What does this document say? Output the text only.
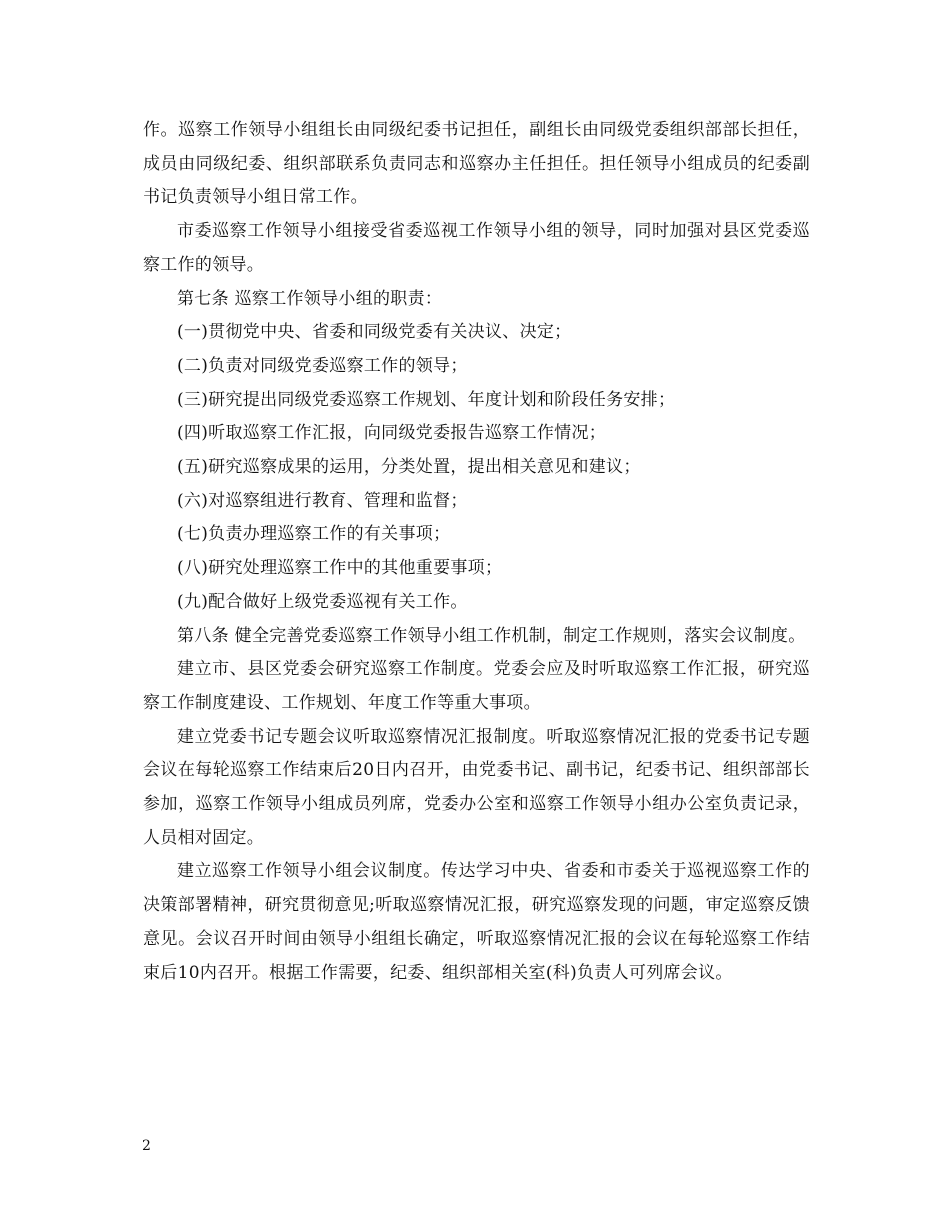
作。巡察工作领导小组组长由同级纪委书记担任，副组长由同级党委组织部部长担任，成员由同级纪委、组织部联系负责同志和巡察办主任担任。担任领导小组成员的纪委副书记负责领导小组日常工作。

市委巡察工作领导小组接受省委巡视工作领导小组的领导，同时加强对县区党委巡察工作的领导。

第七条 巡察工作领导小组的职责：

(一)贯彻党中央、省委和同级党委有关决议、决定；

(二)负责对同级党委巡察工作的领导；

(三)研究提出同级党委巡察工作规划、年度计划和阶段任务安排；

(四)听取巡察工作汇报，向同级党委报告巡察工作情况；

(五)研究巡察成果的运用，分类处置，提出相关意见和建议；

(六)对巡察组进行教育、管理和监督；

(七)负责办理巡察工作的有关事项；

(八)研究处理巡察工作中的其他重要事项；

(九)配合做好上级党委巡视有关工作。

第八条 健全完善党委巡察工作领导小组工作机制，制定工作规则，落实会议制度。

建立市、县区党委会研究巡察工作制度。党委会应及时听取巡察工作汇报，研究巡察工作制度建设、工作规划、年度工作等重大事项。

建立党委书记专题会议听取巡察情况汇报制度。听取巡察情况汇报的党委书记专题会议在每轮巡察工作结束后20日内召开，由党委书记、副书记，纪委书记、组织部部长参加，巡察工作领导小组成员列席，党委办公室和巡察工作领导小组办公室负责记录，人员相对固定。

建立巡察工作领导小组会议制度。传达学习中央、省委和市委关于巡视巡察工作的决策部署精神，研究贯彻意见;听取巡察情况汇报，研究巡察发现的问题，审定巡察反馈意见。会议召开时间由领导小组组长确定，听取巡察情况汇报的会议在每轮巡察工作结束后10内召开。根据工作需要，纪委、组织部相关室(科)负责人可列席会议。

2
